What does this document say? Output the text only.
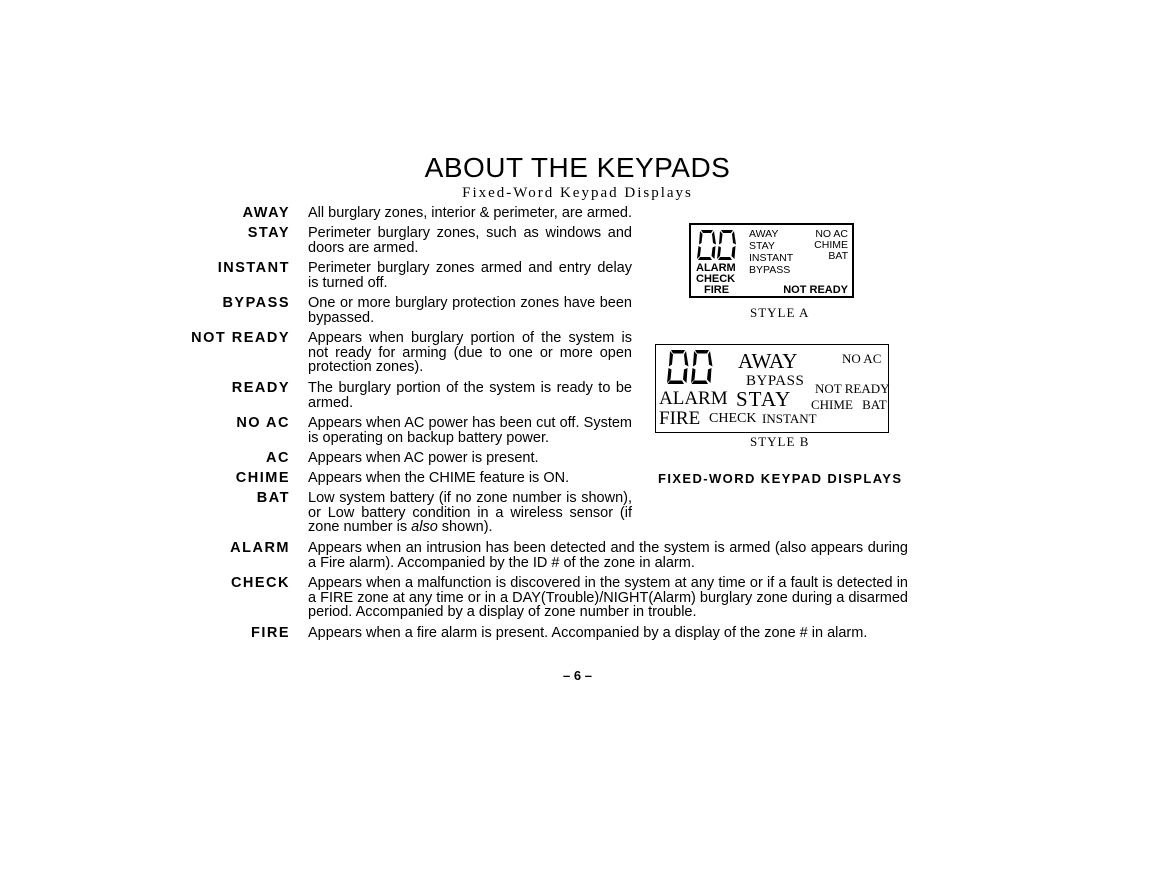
ABOUT THE KEYPADS
Fixed-Word Keypad Displays
AWAY All burglary zones, interior & perimeter, are armed.
STAY Perimeter burglary zones, such as windows and doors are armed.
INSTANT Perimeter burglary zones armed and entry delay is turned off.
BYPASS One or more burglary protection zones have been bypassed.
NOT READY Appears when burglary portion of the system is not ready for arming (due to one or more open protection zones).
READY The burglary portion of the system is ready to be armed.
NO AC Appears when AC power has been cut off. System is operating on backup battery power.
AC Appears when AC power is present.
CHIME Appears when the CHIME feature is ON.
BAT Low system battery (if no zone number is shown), or Low battery condition in a wireless sensor (if zone number is also shown).
ALARM Appears when an intrusion has been detected and the system is armed (also appears during a Fire alarm). Accompanied by the ID # of the zone in alarm.
CHECK Appears when a malfunction is discovered in the system at any time or if a fault is detected in a FIRE zone at any time or in a DAY(Trouble)/NIGHT(Alarm) burglary zone during a disarmed period. Accompanied by a display of zone number in trouble.
FIRE Appears when a fire alarm is present. Accompanied by a display of the zone # in alarm.
AWAY
STAY
INSTANT
BYPASS
NO AC
CHIME
BAT
ALARM
CHECK
FIRE	NOT READY
STYLE A
AWAY	NO AC
BYPASS NOT READY
ALARM STAY CHIME BAT
FIRE CHECK INSTANT
STYLE B
FIXED-WORD KEYPAD DISPLAYS
– 6 –
